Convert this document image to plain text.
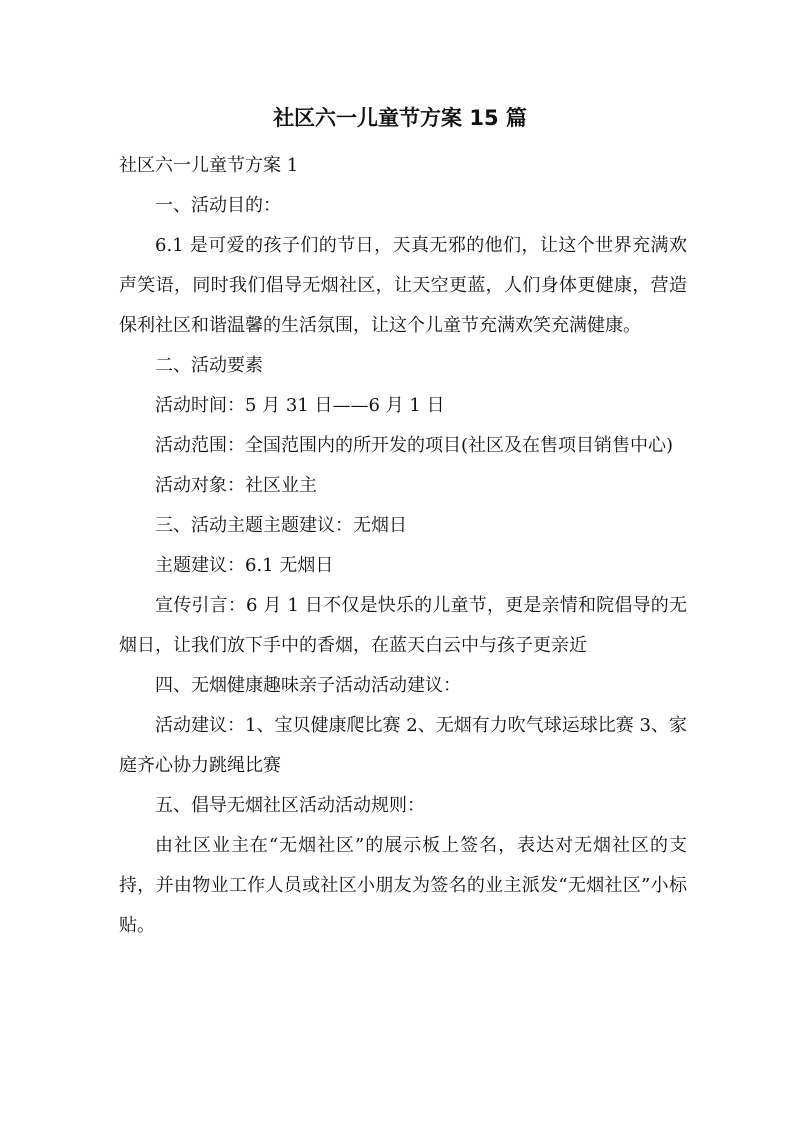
社区六一儿童节方案 15 篇

社区六一儿童节方案 1

一、活动目的：

6.1 是可爱的孩子们的节日，天真无邪的他们，让这个世界充满欢声笑语，同时我们倡导无烟社区，让天空更蓝，人们身体更健康，营造保利社区和谐温馨的生活氛围，让这个儿童节充满欢笑充满健康。

二、活动要素

活动时间：5 月 31 日——6 月 1 日

活动范围：全国范围内的所开发的项目(社区及在售项目销售中心)

活动对象：社区业主

三、活动主题主题建议：无烟日

主题建议：6.1 无烟日

宣传引言：6 月 1 日不仅是快乐的儿童节，更是亲情和院倡导的无烟日，让我们放下手中的香烟，在蓝天白云中与孩子更亲近

四、无烟健康趣味亲子活动活动建议：

活动建议：1、宝贝健康爬比赛 2、无烟有力吹气球运球比赛 3、家庭齐心协力跳绳比赛

五、倡导无烟社区活动活动规则：

由社区业主在“无烟社区”的展示板上签名，表达对无烟社区的支持，并由物业工作人员或社区小朋友为签名的业主派发“无烟社区”小标贴。
